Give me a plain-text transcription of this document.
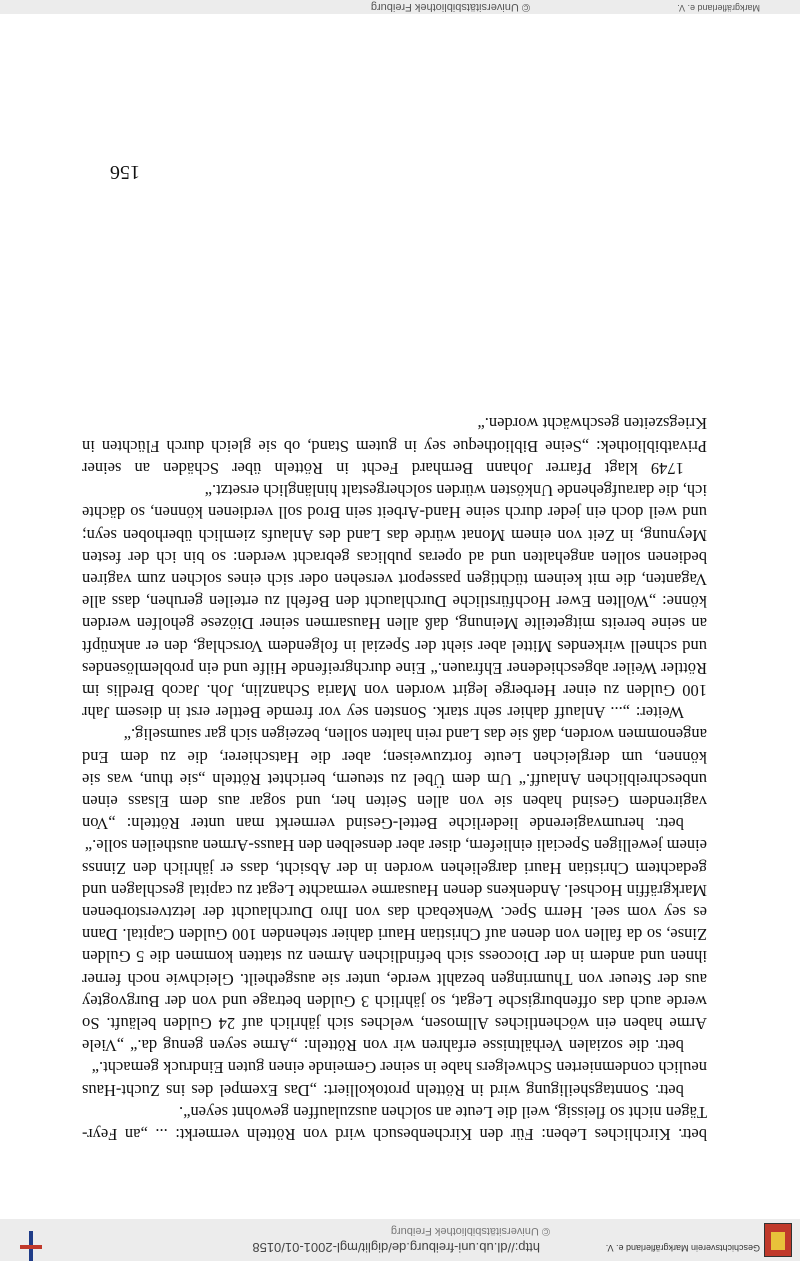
Geschichtsverein Markgräflerland e. V.
http://dl.ub.uni-freiburg.de/diglit/mgl-2001-01/0158
© Universitätsbibliothek Freiburg

betr. Kirchliches Leben: Für den Kirchenbesuch wird von Rötteln vermerkt: ... „an Feyr-Tägen nicht so fleissig, weil die Leute an solchen auszulauffen gewohnt seyen“.

betr. Sonntagsheiligung wird in Rötteln protokolliert: „Das Exempel des ins Zucht-Haus neulich condemnierten Schwelgers habe in seiner Gemeinde einen guten Eindruck gemacht.“

betr. die sozialen Verhältnisse erfahren wir von Rötteln: „Arme seyen genug da.“ „Viele Arme haben ein wöchentliches Allmosen, welches sich jährlich auf 24 Gulden beläuft. So werde auch das offenburgische Legat, so jährlich 3 Gulden betrage und von der Burgvogtey aus der Steuer von Thumringen bezahlt werde, unter sie ausgetheilt. Gleichwie noch ferner ihnen und andern in der Diocoess sich befindlichen Armen zu statten kommen die 5 Gulden Zinse, so da fallen von denen auf Christian Hauri dahier stehenden 100 Gulden Capital. Dann es sey vom seel. Herrn Spec. Wenkebach das von Ihro Durchlaucht der letztverstorbenen Markgräffin Hochsel. Andenkens denen Hausarme vermachte Legat zu capital geschlagen und gedachtem Christian Hauri dargeliehen worden in der Absicht, dass er jährlich den Zinnss einem jewelligen Speciali einliefern, diser aber denselben den Hauss-Armen austheilen solle.“

betr. herumvagierende liederliche Bettel-Gesind vermerkt man unter Rötteln: „Von vagirendem Gesind haben sie von allen Seiten her, und sogar aus dem Elsass einen unbeschreiblichen Anlauff.“ Um dem Übel zu steuern, berichtet Rötteln „sie thun, was sie können, um dergleichen Leute fortzuweisen; aber die Hatschierer, die zu dem End angenommen worden, daß sie das Land rein halten sollen, bezeigen sich gar saumselig.“

Weiter: „... Anlauff dahier sehr stark. Sonsten sey vor fremde Bettler erst in diesem Jahr 100 Gulden zu einer Herberge legirt worden von Maria Schanzlin, Joh. Jacob Bredlis im Röttler Weiler abgeschiedener Ehfrauen.“ Eine durchgreifende Hilfe und ein problemlösendes und schnell wirkendes Mittel aber sieht der Spezial in folgendem Vorschlag, den er anknüpft an seine bereits mitgeteilte Meinung, daß allen Hausarmen seiner Diözese geholfen werden könne: „Wollten Ewer Hochfürstliche Durchlaucht den Befehl zu erteilen geruhen, dass alle Vaganten, die mit keinem tüchtigen passeport versehen oder sich eines solchen zum vagiren bedienen sollen angehalten und ad operas publicas gebracht werden: so bin ich der festen Meynung, in Zeit von einem Monat würde das Land des Anlaufs ziemlich überhoben seyn; und weil doch ein jeder durch seine Hand-Arbeit sein Brod soll verdienen können, so dächte ich, die daraufgehende Unkösten würden solchergestalt hinlänglich ersetzt.“

1749 klagt Pfarrer Johann Bernhard Fecht in Rötteln über Schäden an seiner Privatbibliothek: „Seine Bibliotheque sey in gutem Stand, ob sie gleich durch Flüchten in Kriegszeiten geschwächt worden.“

156
Markgräflerland e. V.
© Universitätsbibliothek Freiburg
